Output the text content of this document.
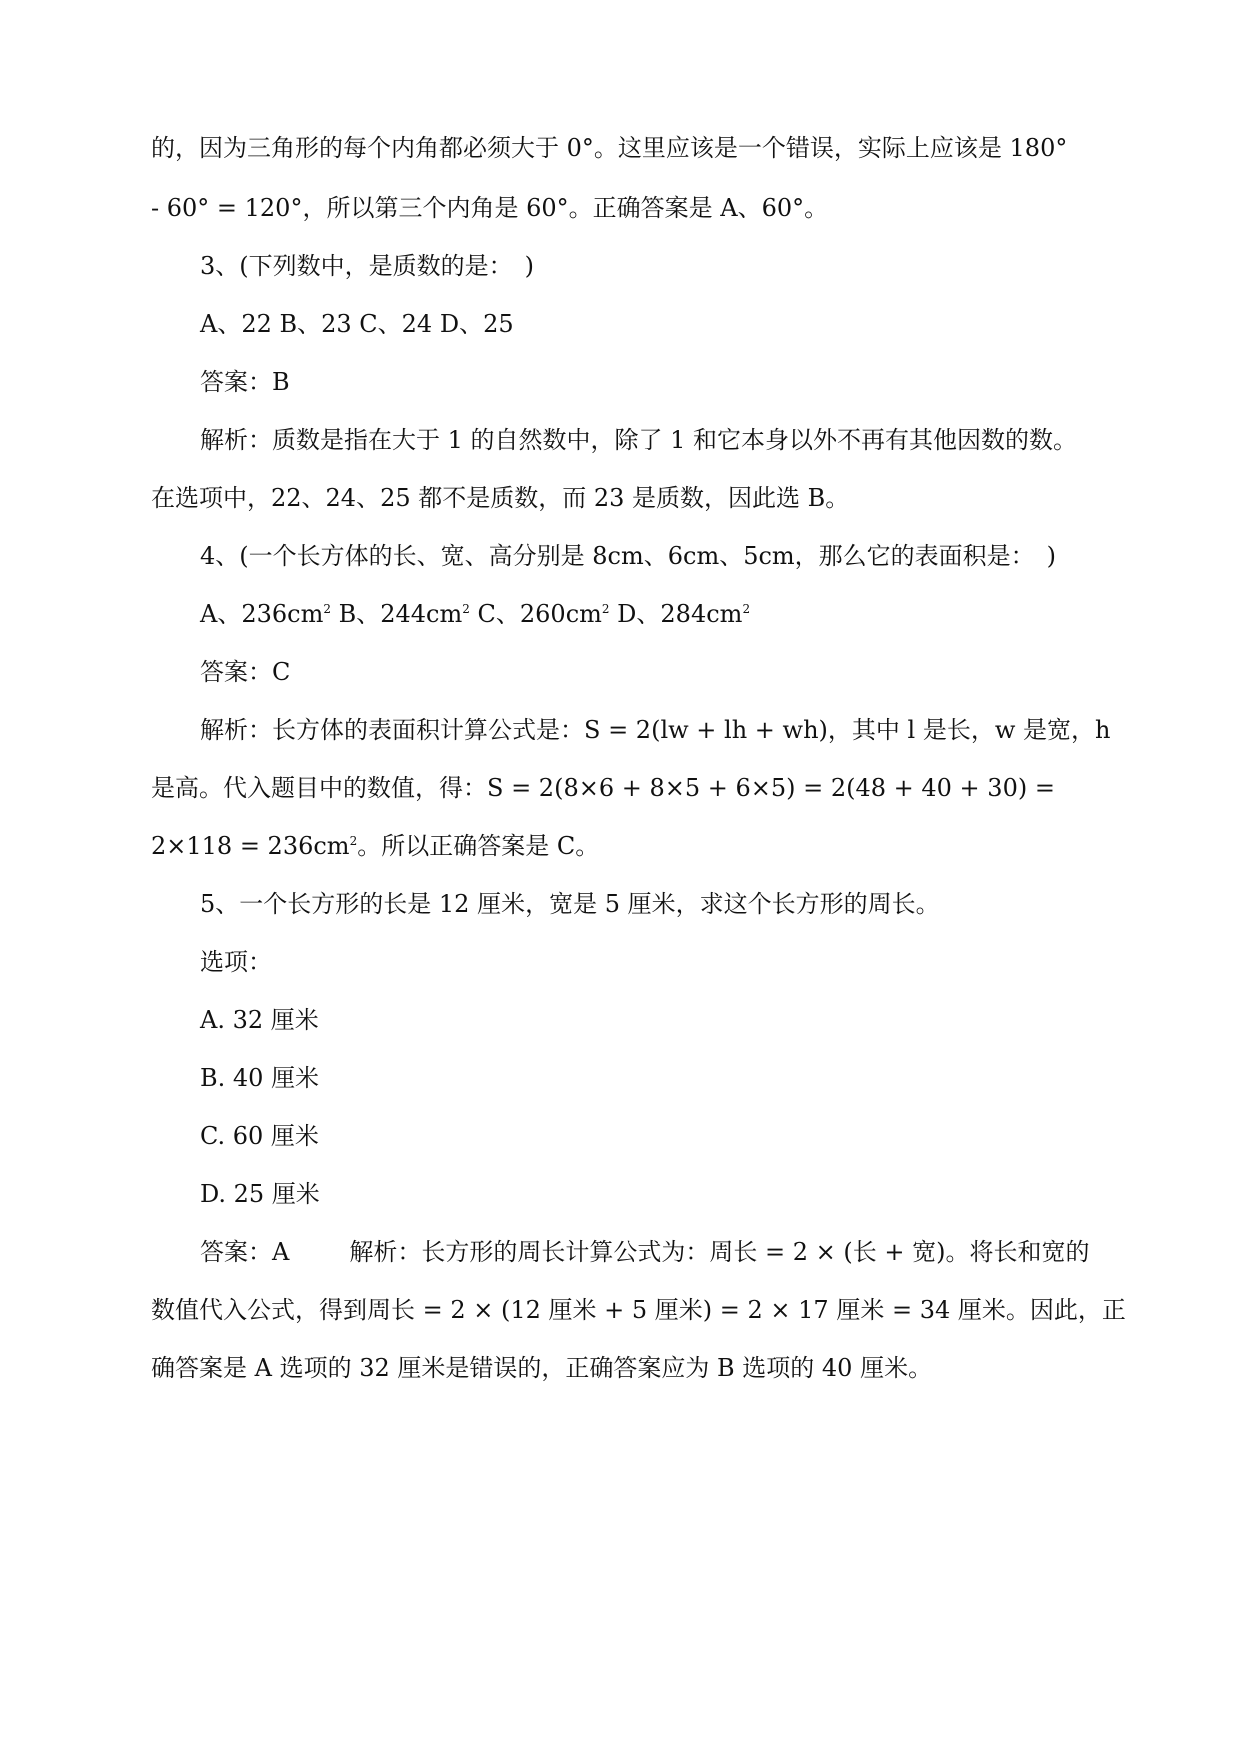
的，因为三角形的每个内角都必须大于 0°。这里应该是一个错误，实际上应该是 180°
- 60° = 120°，所以第三个内角是 60°。正确答案是 A、60°。
3、(下列数中，是质数的是：　)
A、22 B、23 C、24 D、25
答案：B
解析：质数是指在大于 1 的自然数中，除了 1 和它本身以外不再有其他因数的数。
在选项中，22、24、25 都不是质数，而 23 是质数，因此选 B。
4、(一个长方体的长、宽、高分别是 8cm、6cm、5cm，那么它的表面积是：　)
A、$236cm^2$ B、$244cm^2$ C、$260cm^2$ D、$284cm^2$
答案：C
解析：长方体的表面积计算公式是：S = 2(lw + lh + wh)，其中 l 是长，w 是宽，h
是高。代入题目中的数值，得：S = 2(8×6 + 8×5 + 6×5) = 2(48 + 40 + 30) =
$2\times 118 = 236cm^2$。所以正确答案是 C。
5、一个长方形的长是 12 厘米，宽是 5 厘米，求这个长方形的周长。
选项：
A. 32 厘米
B. 40 厘米
C. 60 厘米
D. 25 厘米
答案：A	解析：长方形的周长计算公式为：周长 = 2 × (长 + 宽)。将长和宽的
数值代入公式，得到周长 = 2 × (12 厘米 + 5 厘米) = 2 × 17 厘米 = 34 厘米。因此，正
确答案是 A 选项的 32 厘米是错误的，正确答案应为 B 选项的 40 厘米。
